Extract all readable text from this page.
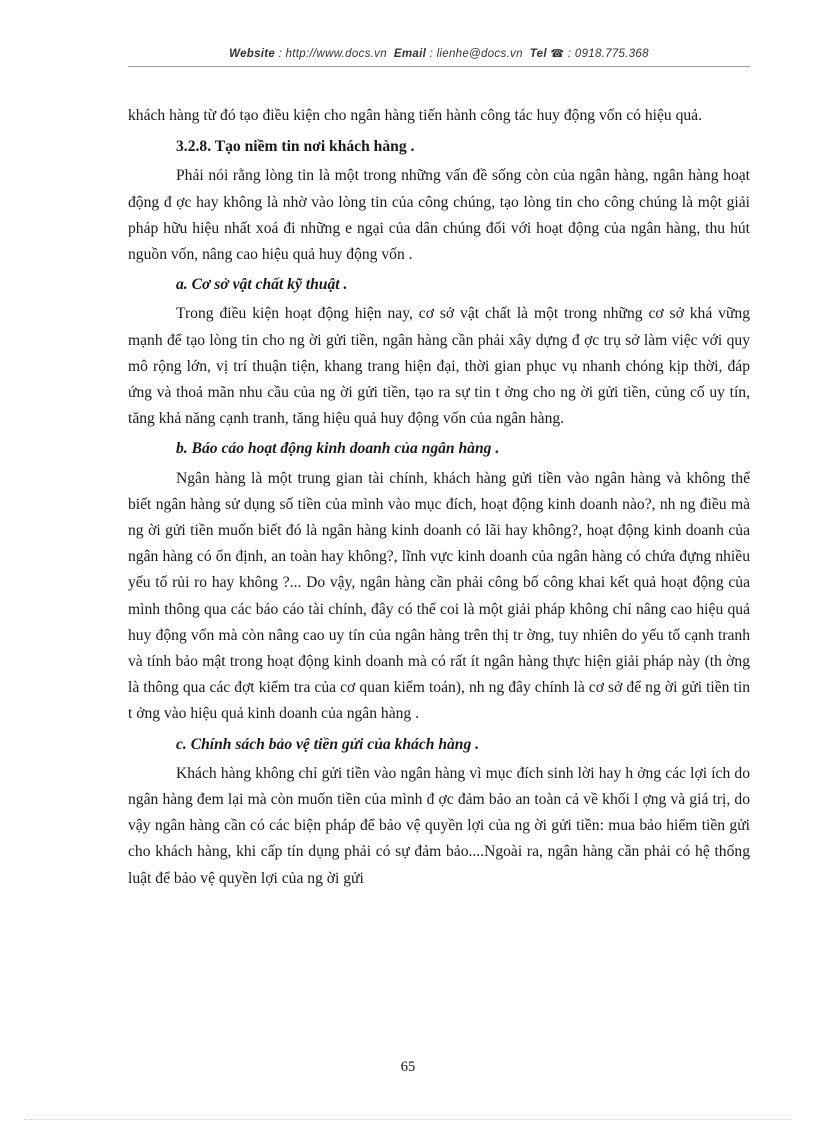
Website : http://www.docs.vn Email : lienhe@docs.vn Tel ☎ : 0918.775.368

khách hàng từ đó tạo điều kiện cho ngân hàng tiến hành công tác huy động vốn có hiệu quả.

3.2.8. Tạo niềm tin nơi khách hàng .

Phải nói rằng lòng tin là một trong những vấn đề sống còn của ngân hàng, ngân hàng hoạt động đ ợc hay không là nhờ vào lòng tin của công chúng, tạo lòng tin cho công chúng là một giải pháp hữu hiệu nhất xoá đi những e ngại của dân chúng đối với hoạt động của ngân hàng, thu hút nguồn vốn, nâng cao hiệu quả huy động vốn .

a. Cơ sở vật chất kỹ thuật .

Trong điều kiện hoạt động hiện nay, cơ sở vật chất là một trong những cơ sở khá vững mạnh để tạo lòng tin cho ng ời gửi tiền, ngân hàng cần phải xây dựng đ ợc trụ sở làm việc với quy mô rộng lớn, vị trí thuận tiện, khang trang hiện đại, thời gian phục vụ nhanh chóng kịp thời, đáp ứng và thoả mãn nhu cầu của ng ời gửi tiền, tạo ra sự tin t ởng cho ng ời gửi tiền, củng cố uy tín, tăng khả năng cạnh tranh, tăng hiệu quả huy động vốn của ngân hàng.

b. Báo cáo hoạt động kinh doanh của ngân hàng .

Ngân hàng là một trung gian tài chính, khách hàng gửi tiền vào ngân hàng và không thể biết ngân hàng sử dụng số tiền của mình vào mục đích, hoạt động kinh doanh nào?, nh ng điều mà ng ời gửi tiền muốn biết đó là ngân hàng kinh doanh có lãi hay không?, hoạt động kinh doanh của ngân hàng có ổn định, an toàn hay không?, lĩnh vực kinh doanh của ngân hàng có chứa đựng nhiều yếu tố rủi ro hay không ?... Do vậy, ngân hàng cần phải công bố công khai kết quả hoạt động của mình thông qua các báo cáo tài chính, đây có thể coi là một giải pháp không chỉ nâng cao hiệu quả huy động vốn mà còn nâng cao uy tín của ngân hàng trên thị tr ờng, tuy nhiên do yếu tố cạnh tranh và tính bảo mật trong hoạt động kinh doanh mà có rất ít ngân hàng thực hiện giải pháp này (th ờng là thông qua các đợt kiểm tra của cơ quan kiểm toán), nh ng đây chính là cơ sở để ng ời gửi tiền tin t ởng vào hiệu quả kinh doanh của ngân hàng .

c. Chính sách bảo vệ tiền gửi của khách hàng .

Khách hàng không chỉ gửi tiền vào ngân hàng vì mục đích sinh lời hay h ởng các lợi ích do ngân hàng đem lại mà còn muốn tiền của mình đ ợc đảm bảo an toàn cả về khối l ợng và giá trị, do vậy ngân hàng cần có các biện pháp để bảo vệ quyền lợi của ng ời gửi tiền: mua bảo hiểm tiền gửi cho khách hàng, khi cấp tín dụng phải có sự đảm bảo....Ngoài ra, ngân hàng cần phải có hệ thống luật để bảo vệ quyền lợi của ng ời gửi

65
